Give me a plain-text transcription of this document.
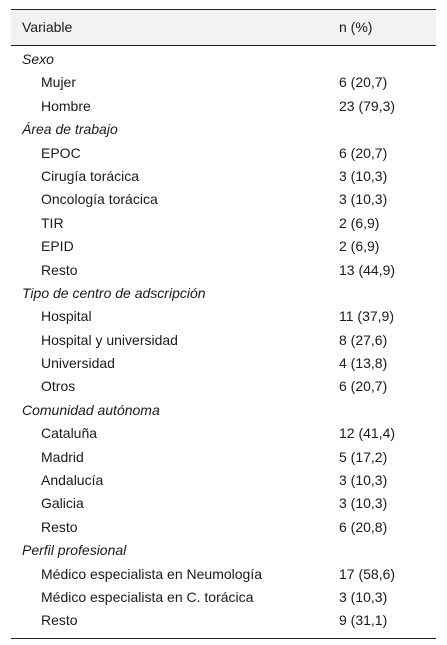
Variable	n (%)
Sexo
Mujer	6 (20,7)
Hombre	23 (79,3)
Área de trabajo
EPOC	6 (20,7)
Cirugía torácica	3 (10,3)
Oncología torácica	3 (10,3)
TIR	2 (6,9)
EPID	2 (6,9)
Resto	13 (44,9)
Tipo de centro de adscripción
Hospital	11 (37,9)
Hospital y universidad	8 (27,6)
Universidad	4 (13,8)
Otros	6 (20,7)
Comunidad autónoma
Cataluña	12 (41,4)
Madrid	5 (17,2)
Andalucía	3 (10,3)
Galicia	3 (10,3)
Resto	6 (20,8)
Perfil profesional
Médico especialista en Neumología	17 (58,6)
Médico especialista en C. torácica	3 (10,3)
Resto	9 (31,1)
